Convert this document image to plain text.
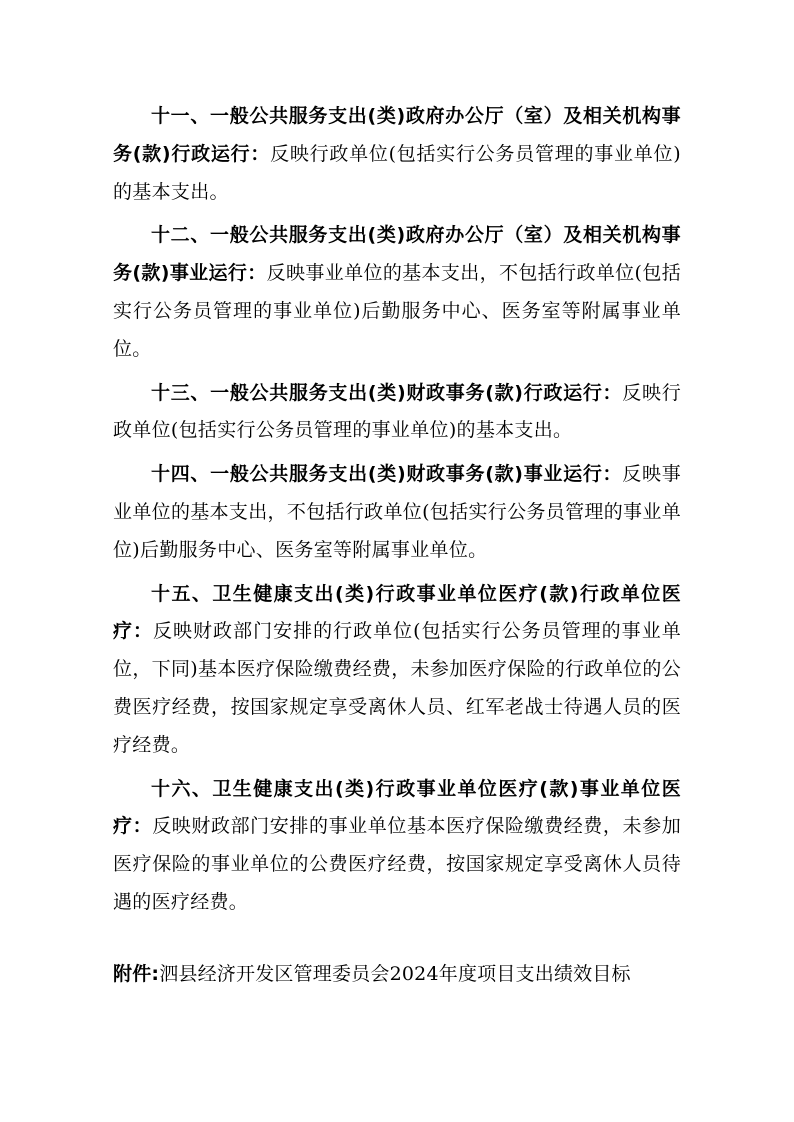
十一、一般公共服务支出(类)政府办公厅（室）及相关机构事务(款)行政运行：反映行政单位(包括实行公务员管理的事业单位)的基本支出。

十二、一般公共服务支出(类)政府办公厅（室）及相关机构事务(款)事业运行：反映事业单位的基本支出，不包括行政单位(包括实行公务员管理的事业单位)后勤服务中心、医务室等附属事业单位。

十三、一般公共服务支出(类)财政事务(款)行政运行：反映行政单位(包括实行公务员管理的事业单位)的基本支出。

十四、一般公共服务支出(类)财政事务(款)事业运行：反映事业单位的基本支出，不包括行政单位(包括实行公务员管理的事业单位)后勤服务中心、医务室等附属事业单位。

十五、卫生健康支出(类)行政事业单位医疗(款)行政单位医疗：反映财政部门安排的行政单位(包括实行公务员管理的事业单位，下同)基本医疗保险缴费经费，未参加医疗保险的行政单位的公费医疗经费，按国家规定享受离休人员、红军老战士待遇人员的医疗经费。

十六、卫生健康支出(类)行政事业单位医疗(款)事业单位医疗：反映财政部门安排的事业单位基本医疗保险缴费经费，未参加医疗保险的事业单位的公费医疗经费，按国家规定享受离休人员待遇的医疗经费。

附件:泗县经济开发区管理委员会2024年度项目支出绩效目标
